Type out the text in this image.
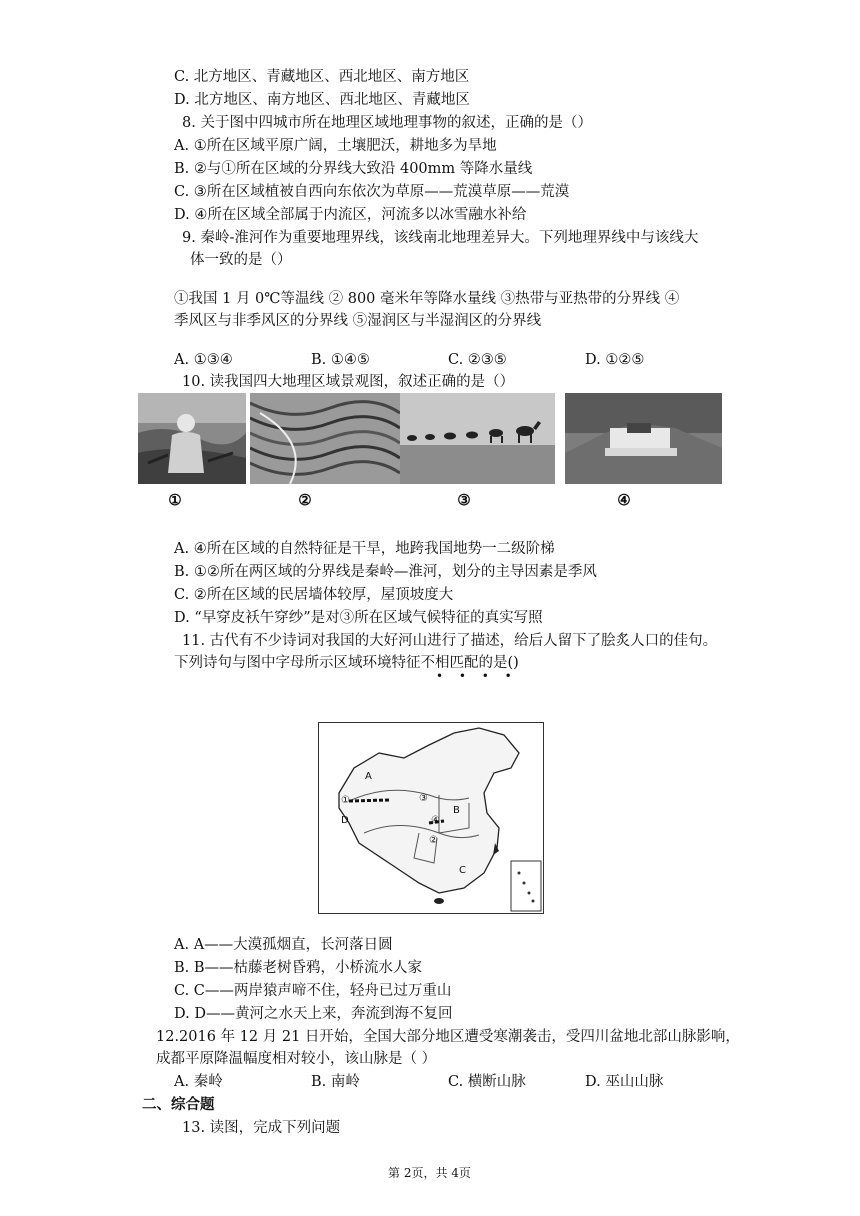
C. 北方地区、青藏地区、西北地区、南方地区
D. 北方地区、南方地区、西北地区、青藏地区
8. 关于图中四城市所在地理区域地理事物的叙述，正确的是（）
A. ①所在区域平原广阔，土壤肥沃，耕地多为旱地
B. ②与①所在区域的分界线大致沿 400mm 等降水量线
C. ③所在区域植被自西向东依次为草原——荒漠草原——荒漠
D. ④所在区域全部属于内流区，河流多以冰雪融水补给
9. 秦岭-淮河作为重要地理界线，该线南北地理差异大。下列地理界线中与该线大
体一致的是（）
①我国 1 月 0℃等温线 ② 800 毫米年等降水量线 ③热带与亚热带的分界线 ④
季风区与非季风区的分界线 ⑤湿润区与半湿润区的分界线
A. ①③④	B. ①④⑤	C. ②③⑤	D. ①②⑤
10. 读我国四大地理区域景观图，叙述正确的是（）
①	②	③	④
A. ④所在区域的自然特征是干旱，地跨我国地势一二级阶梯
B. ①②所在两区域的分界线是秦岭—淮河，划分的主导因素是季风
C. ②所在区域的民居墙体较厚，屋顶坡度大
D. “早穿皮袄午穿纱”是对③所在区域气候特征的真实写照
11. 古代有不少诗词对我国的大好河山进行了描述，给后人留下了脍炙人口的佳句。
下列诗句与图中字母所示区域环境特征不相匹配的是()
• • • •
A
B
C
D
①
②
③
④
A. A——大漠孤烟直，长河落日圆
B. B——枯藤老树昏鸦，小桥流水人家
C. C——两岸猿声啼不住，轻舟已过万重山
D. D——黄河之水天上来，奔流到海不复回
12.2016 年 12 月 21 日开始，全国大部分地区遭受寒潮袭击，受四川盆地北部山脉影响，
成都平原降温幅度相对较小，该山脉是（ ）
A. 秦岭	B. 南岭	C. 横断山脉	D. 巫山山脉
二、综合题
13. 读图，完成下列问题
第 2页，共 4页
